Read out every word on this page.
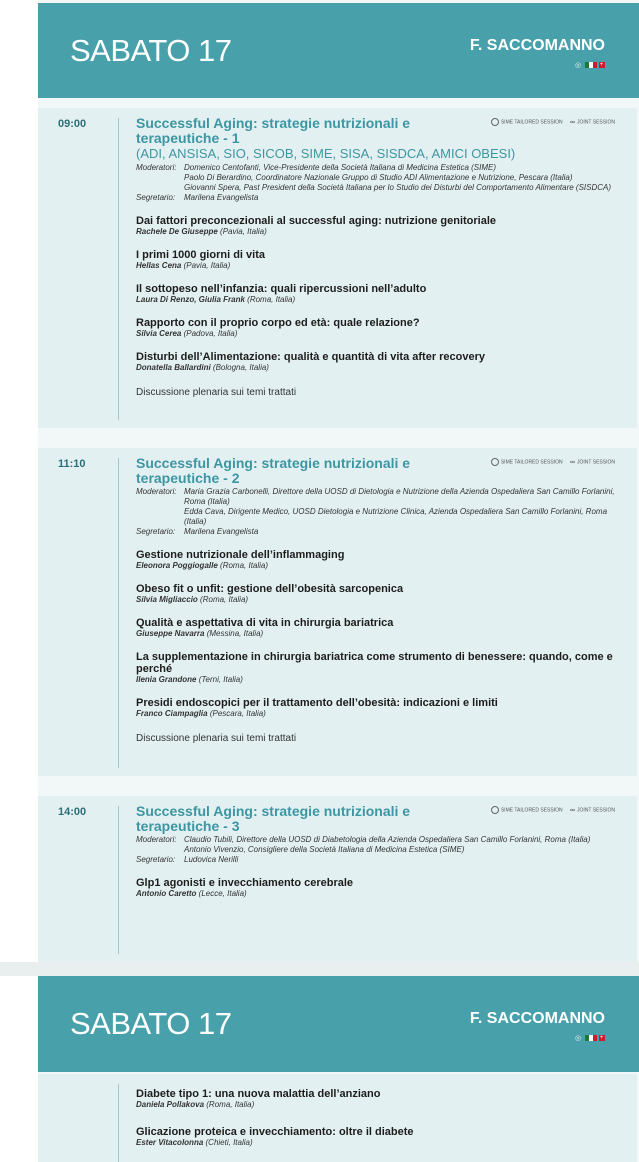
SABATO 17	F. SACCOMANNO
◎ +
09:00	SIME TAILORED SESSION ∞ JOINT SESSION
Successful Aging: strategie nutrizionali e terapeutiche - 1
(ADI, ANSISA, SIO, SICOB, SIME, SISA, SISDCA, AMICI OBESI)
Moderatori: Domenico Centofanti, Vice-Presidente della Società Italiana di Medicina Estetica (SIME)
Paolo Di Berardino, Coordinatore Nazionale Gruppo di Studio ADI Alimentazione e Nutrizione, Pescara (Italia)
Giovanni Spera, Past President della Società Italiana per lo Studio dei Disturbi del Comportamento Alimentare (SISDCA)
Segretario: Marilena Evangelista
Dai fattori preconcezionali al successful aging: nutrizione genitoriale
Rachele De Giuseppe (Pavia, Italia)
I primi 1000 giorni di vita
Hellas Cena (Pavia, Italia)
Il sottopeso nell’infanzia: quali ripercussioni nell’adulto
Laura Di Renzo, Giulia Frank (Roma, Italia)
Rapporto con il proprio corpo ed età: quale relazione?
Silvia Cerea (Padova, Italia)
Disturbi dell’Alimentazione: qualità e quantità di vita after recovery
Donatella Ballardini (Bologna, Italia)
Discussione plenaria sui temi trattati
11:10	SIME TAILORED SESSION ∞ JOINT SESSION
Successful Aging: strategie nutrizionali e terapeutiche - 2
Moderatori: Maria Grazia Carbonelli, Direttore della UOSD di Dietologia e Nutrizione della Azienda Ospedaliera San Camillo Forlanini, Roma (Italia)
Edda Cava, Dirigente Medico, UOSD Dietologia e Nutrizione Clinica, Azienda Ospedaliera San Camillo Forlanini, Roma (Italia)
Segretario: Marilena Evangelista
Gestione nutrizionale dell’inflammaging
Eleonora Poggiogalle (Roma, Italia)
Obeso fit o unfit: gestione dell’obesità sarcopenica
Silvia Migliaccio (Roma, Italia)
Qualità e aspettativa di vita in chirurgia bariatrica
Giuseppe Navarra (Messina, Italia)
La supplementazione in chirurgia bariatrica come strumento di benessere: quando, come e perché
Ilenia Grandone (Terni, Italia)
Presidi endoscopici per il trattamento dell’obesità: indicazioni e limiti
Franco Ciampaglia (Pescara, Italia)
Discussione plenaria sui temi trattati
14:00	SIME TAILORED SESSION ∞ JOINT SESSION
Successful Aging: strategie nutrizionali e terapeutiche - 3
Moderatori: Claudio Tubili, Direttore della UOSD di Diabetologia della Azienda Ospedaliera San Camillo Forlanini, Roma (Italia)
Antonio Vivenzio, Consigliere della Società Italiana di Medicina Estetica (SIME)
Segretario: Ludovica Nerilli
Glp1 agonisti e invecchiamento cerebrale
Antonio Caretto (Lecce, Italia)
SABATO 17	F. SACCOMANNO
◎ +
Diabete tipo 1: una nuova malattia dell’anziano
Daniela Pollakova (Roma, Italia)
Glicazione proteica e invecchiamento: oltre il diabete
Ester Vitacolonna (Chieti, Italia)
